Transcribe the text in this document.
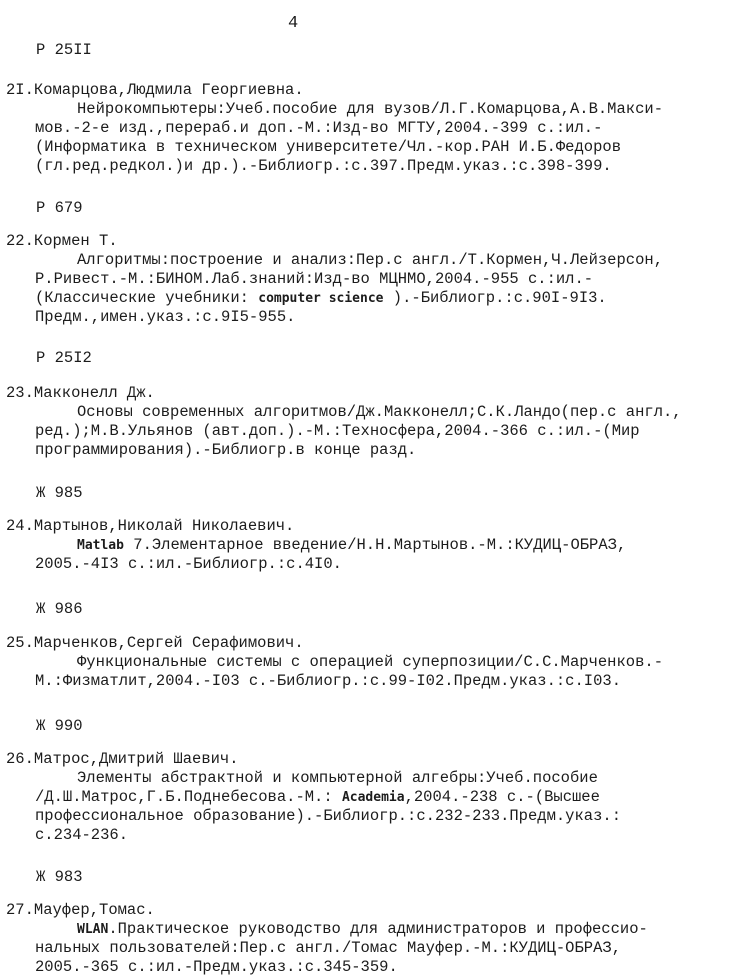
4
Р 25II
2I.Комарцова,Людмила Георгиевна.
Нейрокомпьютеры:Учеб.пособие для вузов/Л.Г.Комарцова,А.В.Макси-
мов.-2-е изд.,перераб.и доп.-М.:Изд-во МГТУ,2004.-399 с.:ил.-
(Информатика в техническом университете/Чл.-кор.РАН И.Б.Федоров
(гл.ред.редкол.)и др.).-Библиогр.:с.397.Предм.указ.:с.398-399.
Р 679
22.Кормен Т.
Алгоритмы:построение и анализ:Пер.с англ./Т.Кормен,Ч.Лейзерсон,
Р.Ривест.-М.:БИНОМ.Лаб.знаний:Изд-во МЦНМО,2004.-955 с.:ил.-
(Классические учебники: computer science ).-Библиогр.:с.90I-9I3.
Предм.,имен.указ.:с.9I5-955.
Р 25I2
23.Макконелл Дж.
Основы современных алгоритмов/Дж.Макконелл;С.К.Ландо(пер.с англ.,
ред.);М.В.Ульянов (авт.доп.).-М.:Техносфера,2004.-366 с.:ил.-(Мир
программирования).-Библиогр.в конце разд.
Ж 985
24.Мартынов,Николай Николаевич.
Matlab 7.Элементарное введение/Н.Н.Мартынов.-М.:КУДИЦ-ОБРАЗ,
2005.-4I3 с.:ил.-Библиогр.:с.4I0.
Ж 986
25.Марченков,Сергей Серафимович.
Функциональные системы с операцией суперпозиции/С.С.Марченков.-
М.:Физматлит,2004.-I03 с.-Библиогр.:с.99-I02.Предм.указ.:с.I03.
Ж 990
26.Матрос,Дмитрий Шаевич.
Элементы абстрактной и компьютерной алгебры:Учеб.пособие
/Д.Ш.Матрос,Г.Б.Поднебесова.-М.: Academia,2004.-238 с.-(Высшее
профессиональное образование).-Библиогр.:с.232-233.Предм.указ.:
с.234-236.
Ж 983
27.Мауфер,Томас.
WLAN.Практическое руководство для администраторов и профессио-
нальных пользователей:Пер.с англ./Томас Мауфер.-М.:КУДИЦ-ОБРАЗ,
2005.-365 с.:ил.-Предм.указ.:с.345-359.
